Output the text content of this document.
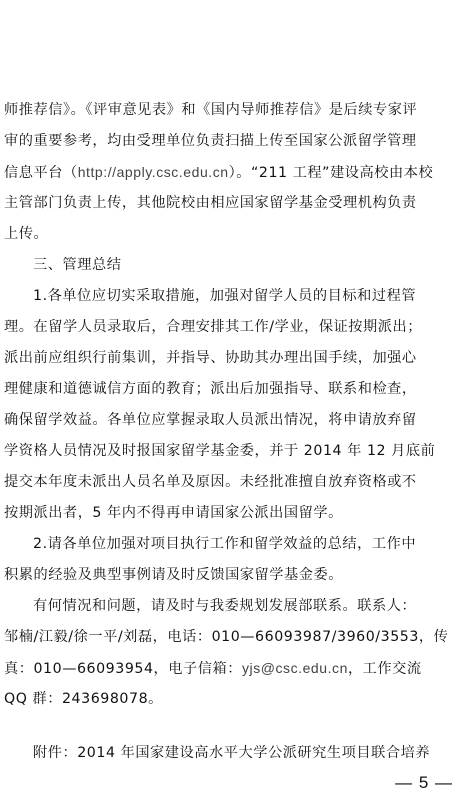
师推荐信》。《评审意见表》和《国内导师推荐信》是后续专家评
审的重要参考，均由受理单位负责扫描上传至国家公派留学管理
信息平台（http://apply.csc.edu.cn）。“211 工程”建设高校由本校
主管部门负责上传，其他院校由相应国家留学基金受理机构负责
上传。
三、管理总结
1.各单位应切实采取措施，加强对留学人员的目标和过程管
理。在留学人员录取后，合理安排其工作/学业，保证按期派出；
派出前应组织行前集训，并指导、协助其办理出国手续，加强心
理健康和道德诚信方面的教育；派出后加强指导、联系和检查，
确保留学效益。各单位应掌握录取人员派出情况，将申请放弃留
学资格人员情况及时报国家留学基金委，并于 2014 年 12 月底前
提交本年度未派出人员名单及原因。未经批准擅自放弃资格或不
按期派出者，5 年内不得再申请国家公派出国留学。
2.请各单位加强对项目执行工作和留学效益的总结，工作中
积累的经验及典型事例请及时反馈国家留学基金委。
有何情况和问题，请及时与我委规划发展部联系。联系人：
邹楠/江毅/徐一平/刘磊，电话：010—66093987/3960/3553，传
真：010—66093954，电子信箱：yjs@csc.edu.cn，工作交流
QQ 群：243698078。
附件：2014 年国家建设高水平大学公派研究生项目联合培养
— 5 —
